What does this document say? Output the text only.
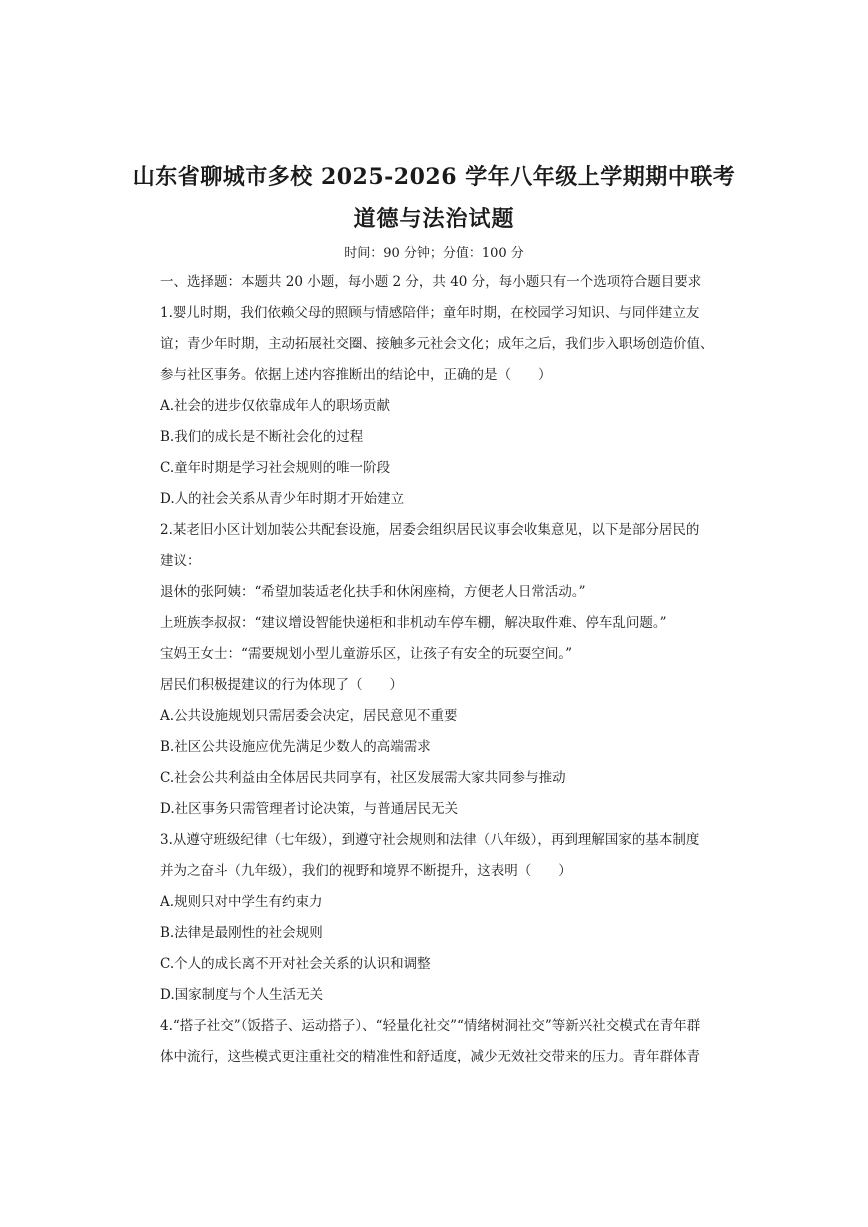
山东省聊城市多校 2025-2026 学年八年级上学期期中联考
道德与法治试题
时间：90 分钟；分值：100 分
一、选择题：本题共 20 小题，每小题 2 分，共 40 分，每小题只有一个选项符合题目要求
1.婴儿时期，我们依赖父母的照顾与情感陪伴；童年时期，在校园学习知识、与同伴建立友
谊；青少年时期，主动拓展社交圈、接触多元社会文化；成年之后，我们步入职场创造价值、
参与社区事务。依据上述内容推断出的结论中，正确的是（　　）
A.社会的进步仅依靠成年人的职场贡献
B.我们的成长是不断社会化的过程
C.童年时期是学习社会规则的唯一阶段
D.人的社会关系从青少年时期才开始建立
2.某老旧小区计划加装公共配套设施，居委会组织居民议事会收集意见，以下是部分居民的
建议：
退休的张阿姨：“希望加装适老化扶手和休闲座椅，方便老人日常活动。”
上班族李叔叔：“建议增设智能快递柜和非机动车停车棚，解决取件难、停车乱问题。”
宝妈王女士：“需要规划小型儿童游乐区，让孩子有安全的玩耍空间。”
居民们积极提建议的行为体现了（　　）
A.公共设施规划只需居委会决定，居民意见不重要
B.社区公共设施应优先满足少数人的高端需求
C.社会公共利益由全体居民共同享有，社区发展需大家共同参与推动
D.社区事务只需管理者讨论决策，与普通居民无关
3.从遵守班级纪律（七年级），到遵守社会规则和法律（八年级），再到理解国家的基本制度
并为之奋斗（九年级），我们的视野和境界不断提升，这表明（　　）
A.规则只对中学生有约束力
B.法律是最刚性的社会规则
C.个人的成长离不开对社会关系的认识和调整
D.国家制度与个人生活无关
4.“搭子社交”（饭搭子、运动搭子）、“轻量化社交”“情绪树洞社交”等新兴社交模式在青年群
体中流行，这些模式更注重社交的精准性和舒适度，减少无效社交带来的压力。青年群体青
